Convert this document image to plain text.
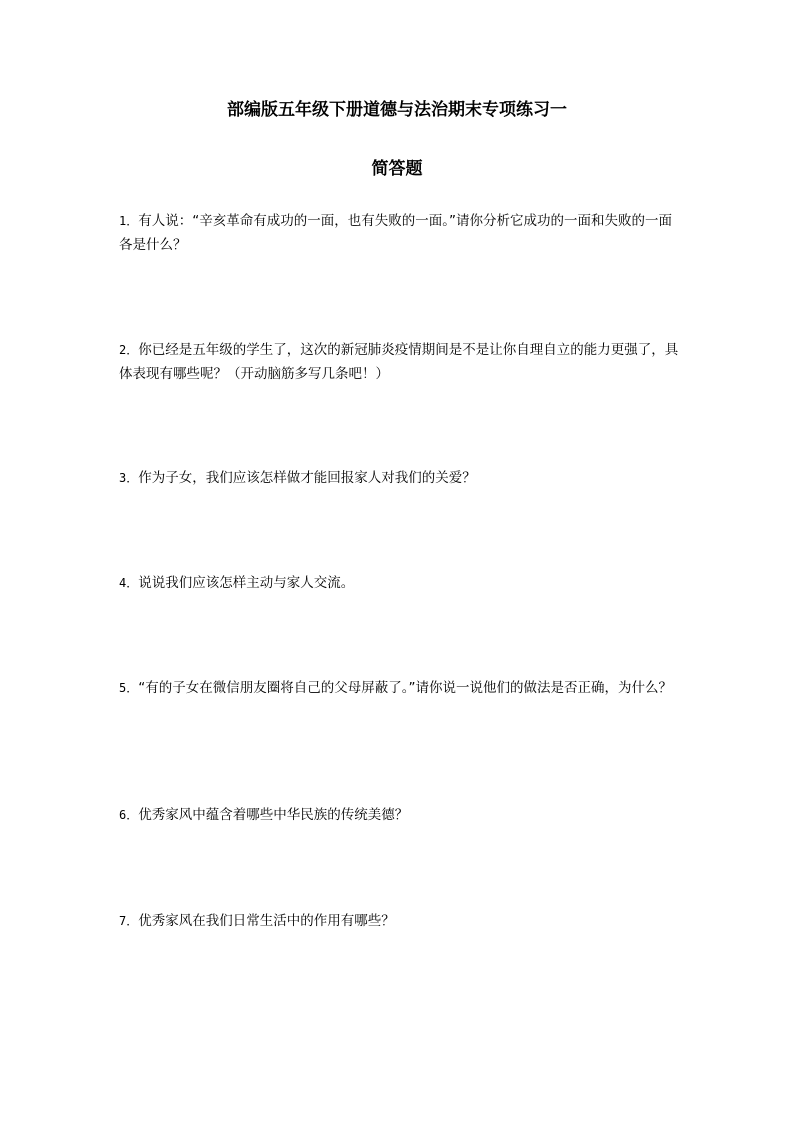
部编版五年级下册道德与法治期末专项练习一
简答题

1．有人说：“辛亥革命有成功的一面，也有失败的一面。”请你分析它成功的一面和失败的一面各是什么？

2．你已经是五年级的学生了，这次的新冠肺炎疫情期间是不是让你自理自立的能力更强了，具体表现有哪些呢？（开动脑筋多写几条吧！）

3．作为子女，我们应该怎样做才能回报家人对我们的关爱？

4．说说我们应该怎样主动与家人交流。

5．“有的子女在微信朋友圈将自己的父母屏蔽了。”请你说一说他们的做法是否正确，为什么？

6．优秀家风中蕴含着哪些中华民族的传统美德？

7．优秀家风在我们日常生活中的作用有哪些？
